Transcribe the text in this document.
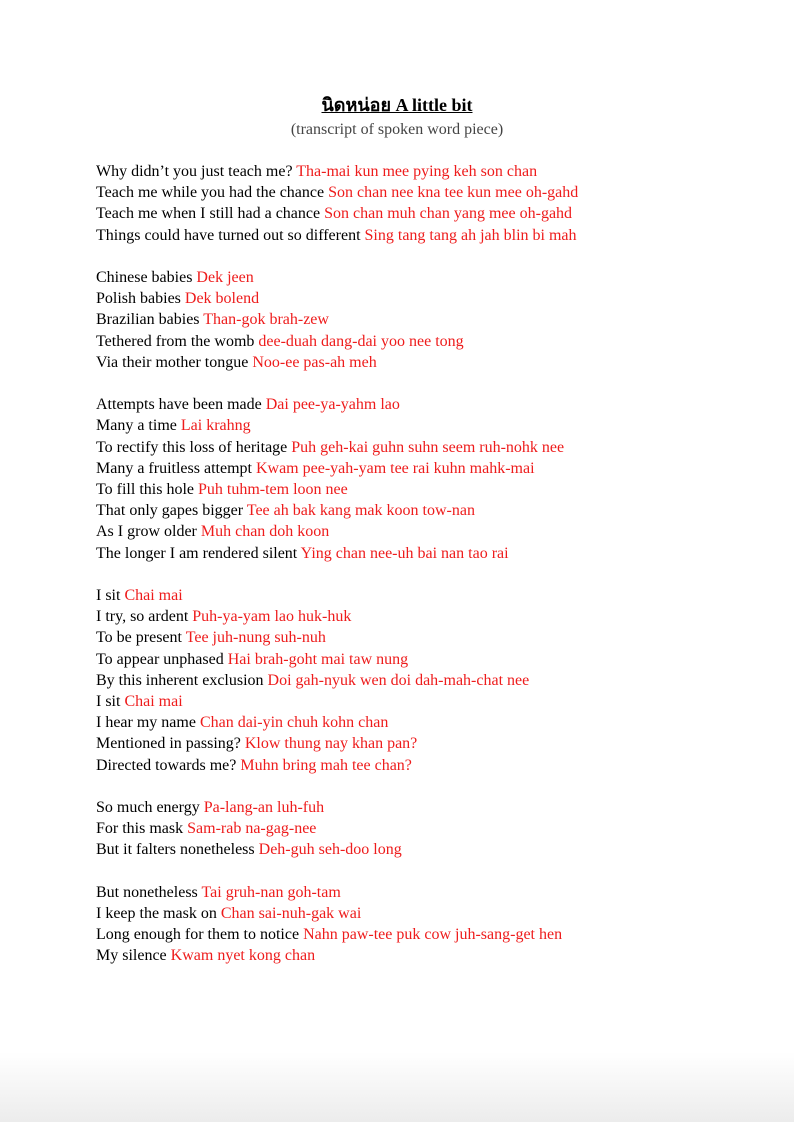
นิดหน่อย A little bit
(transcript of spoken word piece)
Why didn’t you just teach me? Tha-mai kun mee pying keh son chan
Teach me while you had the chance Son chan nee kna tee kun mee oh-gahd
Teach me when I still had a chance Son chan muh chan yang mee oh-gahd
Things could have turned out so different Sing tang tang ah jah blin bi mah
Chinese babies Dek jeen
Polish babies Dek bolend
Brazilian babies Than-gok brah-zew
Tethered from the womb dee-duah dang-dai yoo nee tong
Via their mother tongue Noo-ee pas-ah meh
Attempts have been made Dai pee-ya-yahm lao
Many a time Lai krahng
To rectify this loss of heritage Puh geh-kai guhn suhn seem ruh-nohk nee
Many a fruitless attempt Kwam pee-yah-yam tee rai kuhn mahk-mai
To fill this hole Puh tuhm-tem loon nee
That only gapes bigger Tee ah bak kang mak koon tow-nan
As I grow older Muh chan doh koon
The longer I am rendered silent Ying chan nee-uh bai nan tao rai
I sit Chai mai
I try, so ardent Puh-ya-yam lao huk-huk
To be present Tee juh-nung suh-nuh
To appear unphased Hai brah-goht mai taw nung
By this inherent exclusion Doi gah-nyuk wen doi dah-mah-chat nee
I sit Chai mai
I hear my name Chan dai-yin chuh kohn chan
Mentioned in passing? Klow thung nay khan pan?
Directed towards me? Muhn bring mah tee chan?
So much energy Pa-lang-an luh-fuh
For this mask Sam-rab na-gag-nee
But it falters nonetheless Deh-guh seh-doo long
But nonetheless Tai gruh-nan goh-tam
I keep the mask on Chan sai-nuh-gak wai
Long enough for them to notice Nahn paw-tee puk cow juh-sang-get hen
My silence Kwam nyet kong chan
